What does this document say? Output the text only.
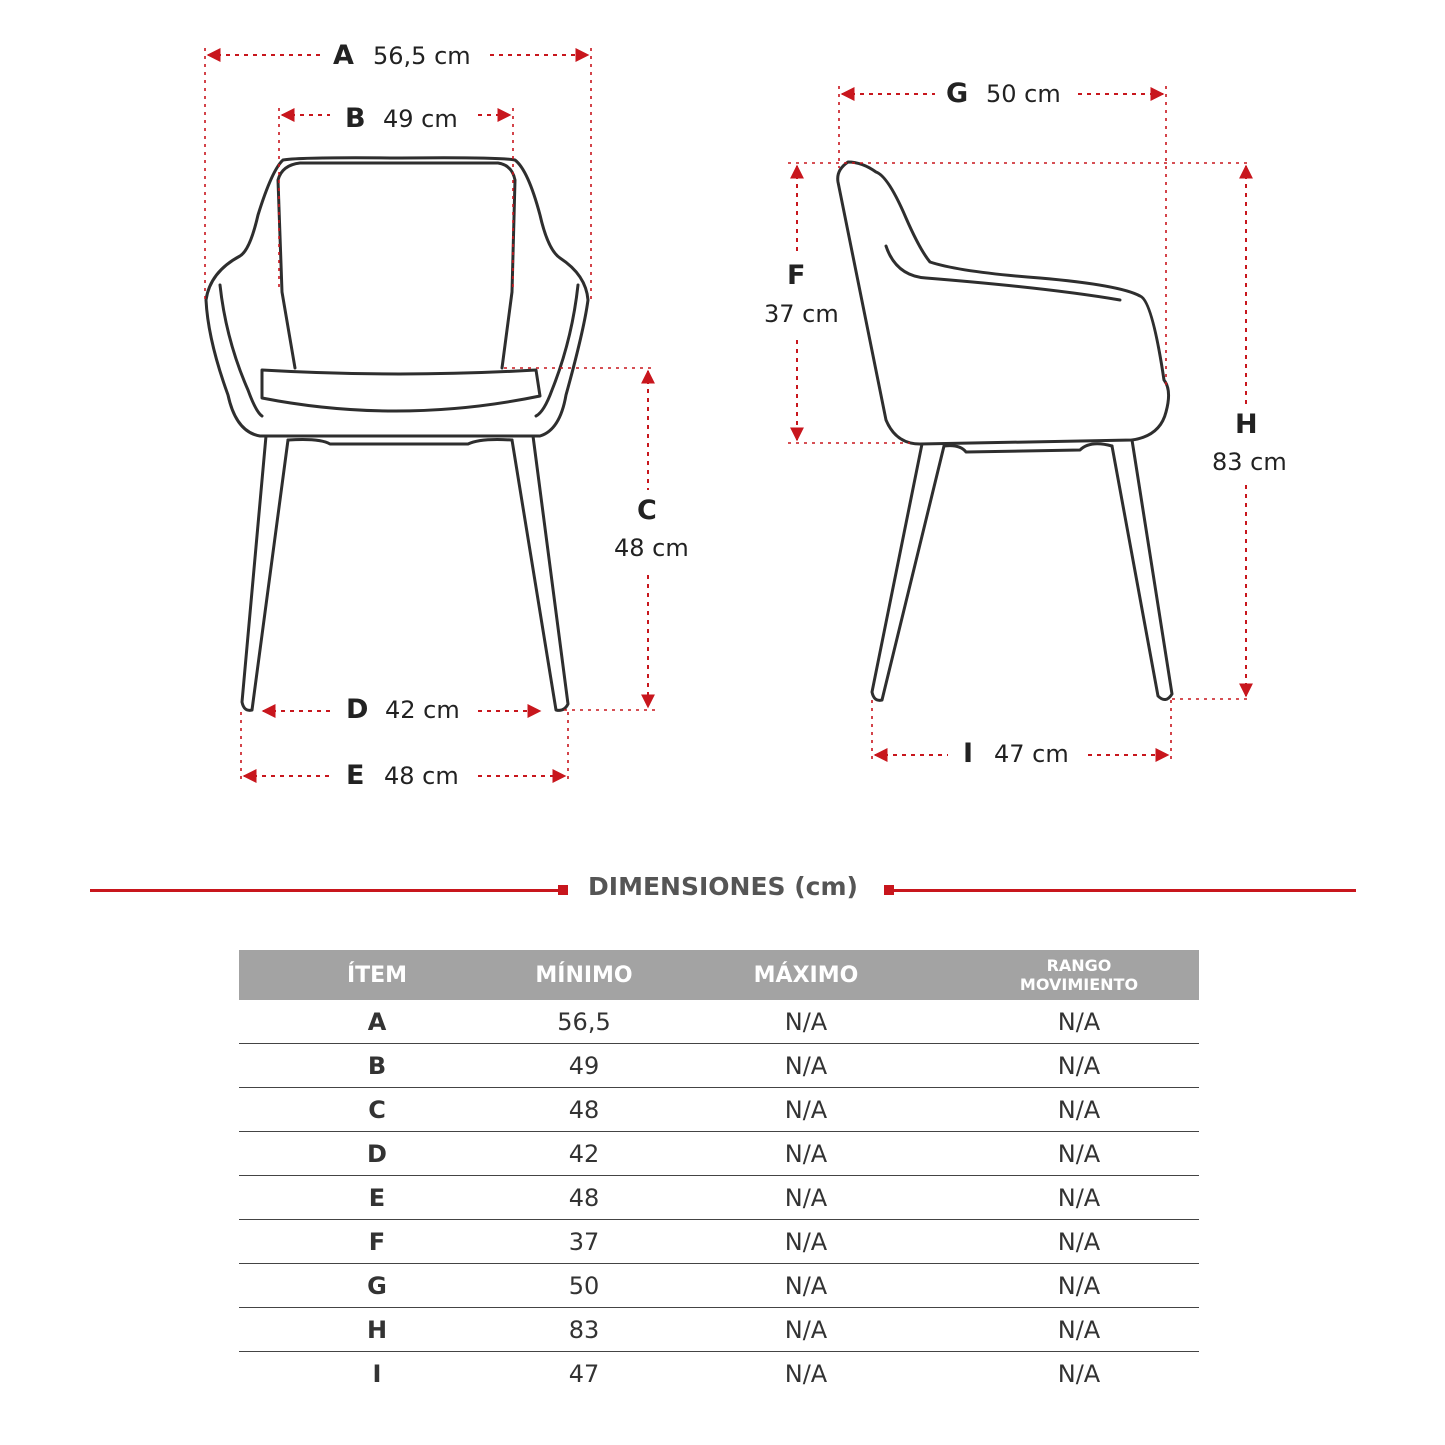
A 56,5 cm
B 49 cm
C
48 cm
D 42 cm
E 48 cm
G 50 cm
F
37 cm
H
83 cm
I 47 cm
DIMENSIONES (cm)
ÍTEM	MÍNIMO	MÁXIMO	RANGO
MOVIMIENTO
A	56,5	N/A	N/A
B	49	N/A	N/A
C	48	N/A	N/A
D	42	N/A	N/A
E	48	N/A	N/A
F	37	N/A	N/A
G	50	N/A	N/A
H	83	N/A	N/A
I	47	N/A	N/A
